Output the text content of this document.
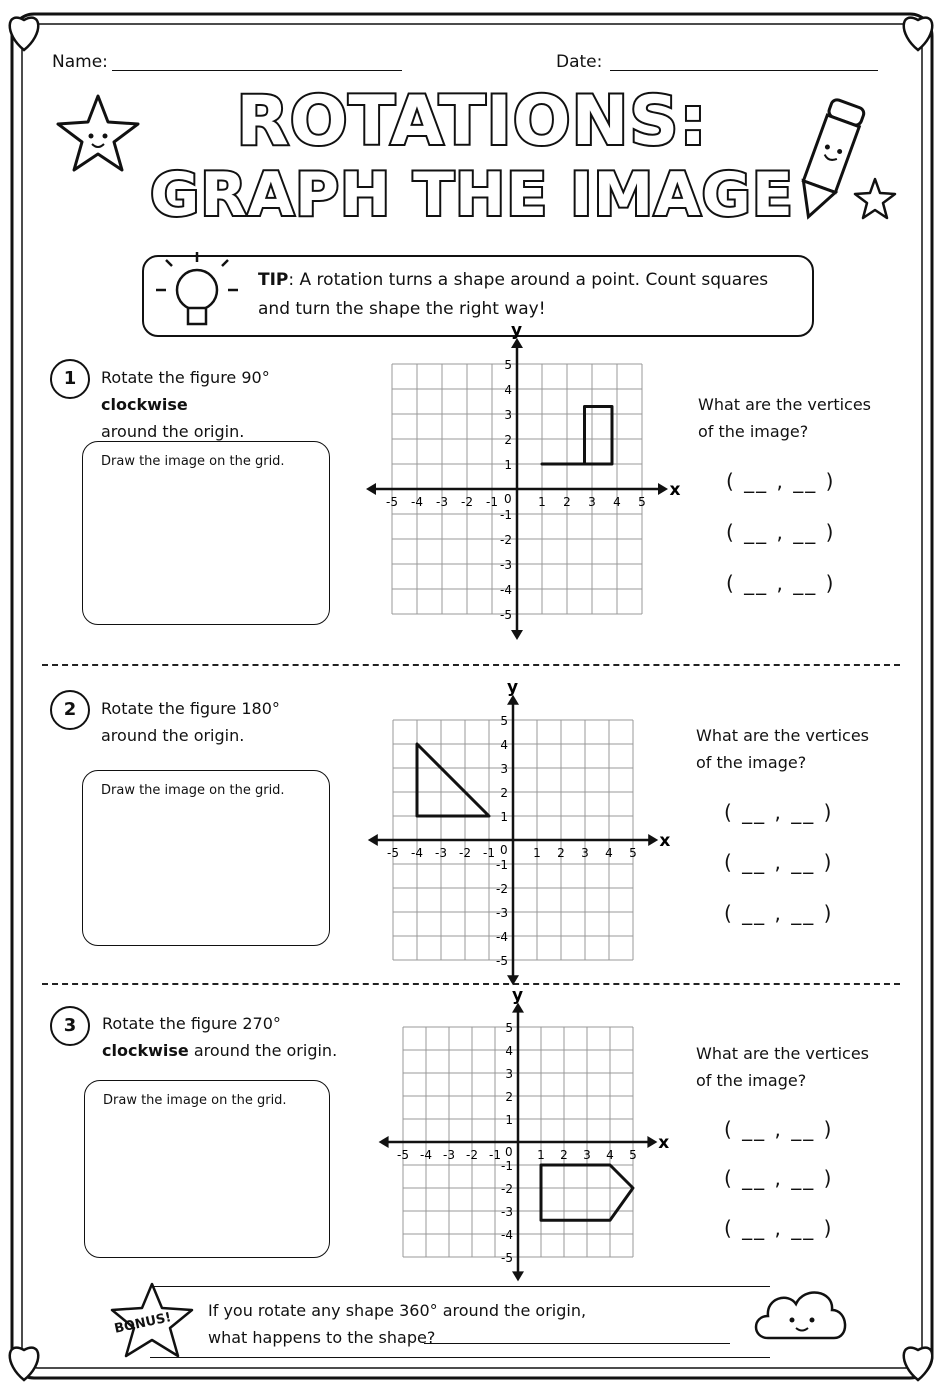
Name:	Date:
ROTATIONS:
GRAPH THE IMAGE
TIP: A rotation turns a shape around a point. Count squares and turn the shape the right way!
1	Rotate the figure 90° clockwise
around the origin.
Draw the image on the grid.
What are the vertices of the image?
( __ , __ )
( __ , __ )
( __ , __ )
2	Rotate the figure 180° around the origin.
Draw the image on the grid.
What are the vertices of the image?
( __ , __ )
( __ , __ )
( __ , __ )
3	Rotate the figure 270°
clockwise around the origin.
Draw the image on the grid.
What are the vertices of the image?
( __ , __ )
( __ , __ )
( __ , __ )
x
y
0
-5 -4 -3 -2 -1	1 2 3 4 5
5
4
3
2
1
-1
-2
-3
-4
-5
x
y
0
-5 -4 -3 -2 -1	1 2 3 4 5
5
4
3
2
1
-1
-2
-3
-4
-5
x
y
0
-5 -4 -3 -2 -1	1 2 3 4 5
5
4
3
2
1
-1
-2
-3
-4
-5
BONUS! If you rotate any shape 360° around the origin,
what happens to the shape?
